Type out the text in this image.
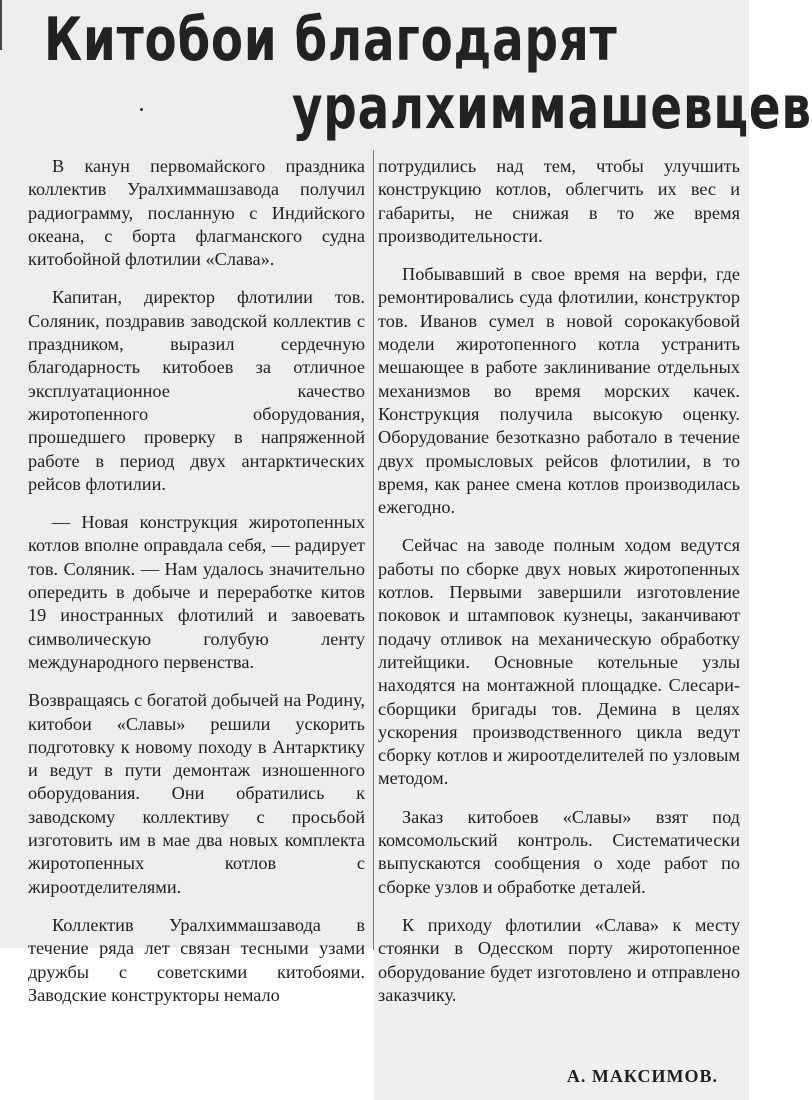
Китобои благодарят
уралхиммашевцев

В канун первомайского праздника коллектив Уралхиммашзавода получил радиограмму, посланную с Индийского океана, с борта флагманского судна китобойной флотилии «Слава».

Капитан, директор флотилии тов. Соляник, поздравив заводской коллектив с праздником, выразил сердечную благодарность китобоев за отличное эксплуатационное качество жиротопенного оборудования, прошедшего проверку в напряженной работе в период двух антарктических рейсов флотилии.

— Новая конструкция жиротопенных котлов вполне оправдала себя, — радирует тов. Соляник. — Нам удалось значительно опередить в добыче и переработке китов 19 иностранных флотилий и завоевать символическую голубую ленту международного первенства.

Возвращаясь с богатой добычей на Родину, китобои «Славы» решили ускорить подготовку к новому походу в Антарктику и ведут в пути демонтаж изношенного оборудования. Они обратились к заводскому коллективу с просьбой изготовить им в мае два новых комплекта жиротопенных котлов с жироотделителями.

Коллектив Уралхиммашзавода в течение ряда лет связан тесными узами дружбы с советскими китобоями. Заводские конструкторы немало

потрудились над тем, чтобы улучшить конструкцию котлов, облегчить их вес и габариты, не снижая в то же время производительности.

Побывавший в свое время на верфи, где ремонтировались суда флотилии, конструктор тов. Иванов сумел в новой сорокакубовой модели жиротопенного котла устранить мешающее в работе заклинивание отдельных механизмов во время морских качек. Конструкция получила высокую оценку. Оборудование безотказно работало в течение двух промысловых рейсов флотилии, в то время, как ранее смена котлов производилась ежегодно.

Сейчас на заводе полным ходом ведутся работы по сборке двух новых жиротопенных котлов. Первыми завершили изготовление поковок и штамповок кузнецы, заканчивают подачу отливок на механическую обработку литейщики. Основные котельные узлы находятся на монтажной площадке. Слесари-сборщики бригады тов. Демина в целях ускорения производственного цикла ведут сборку котлов и жироотделителей по узловым методом.

Заказ китобоев «Славы» взят под комсомольский контроль. Систематически выпускаются сообщения о ходе работ по сборке узлов и обработке деталей.

К приходу флотилии «Слава» к месту стоянки в Одесском порту жиротопенное оборудование будет изготовлено и отправлено заказчику.

А. МАКСИМОВ.
